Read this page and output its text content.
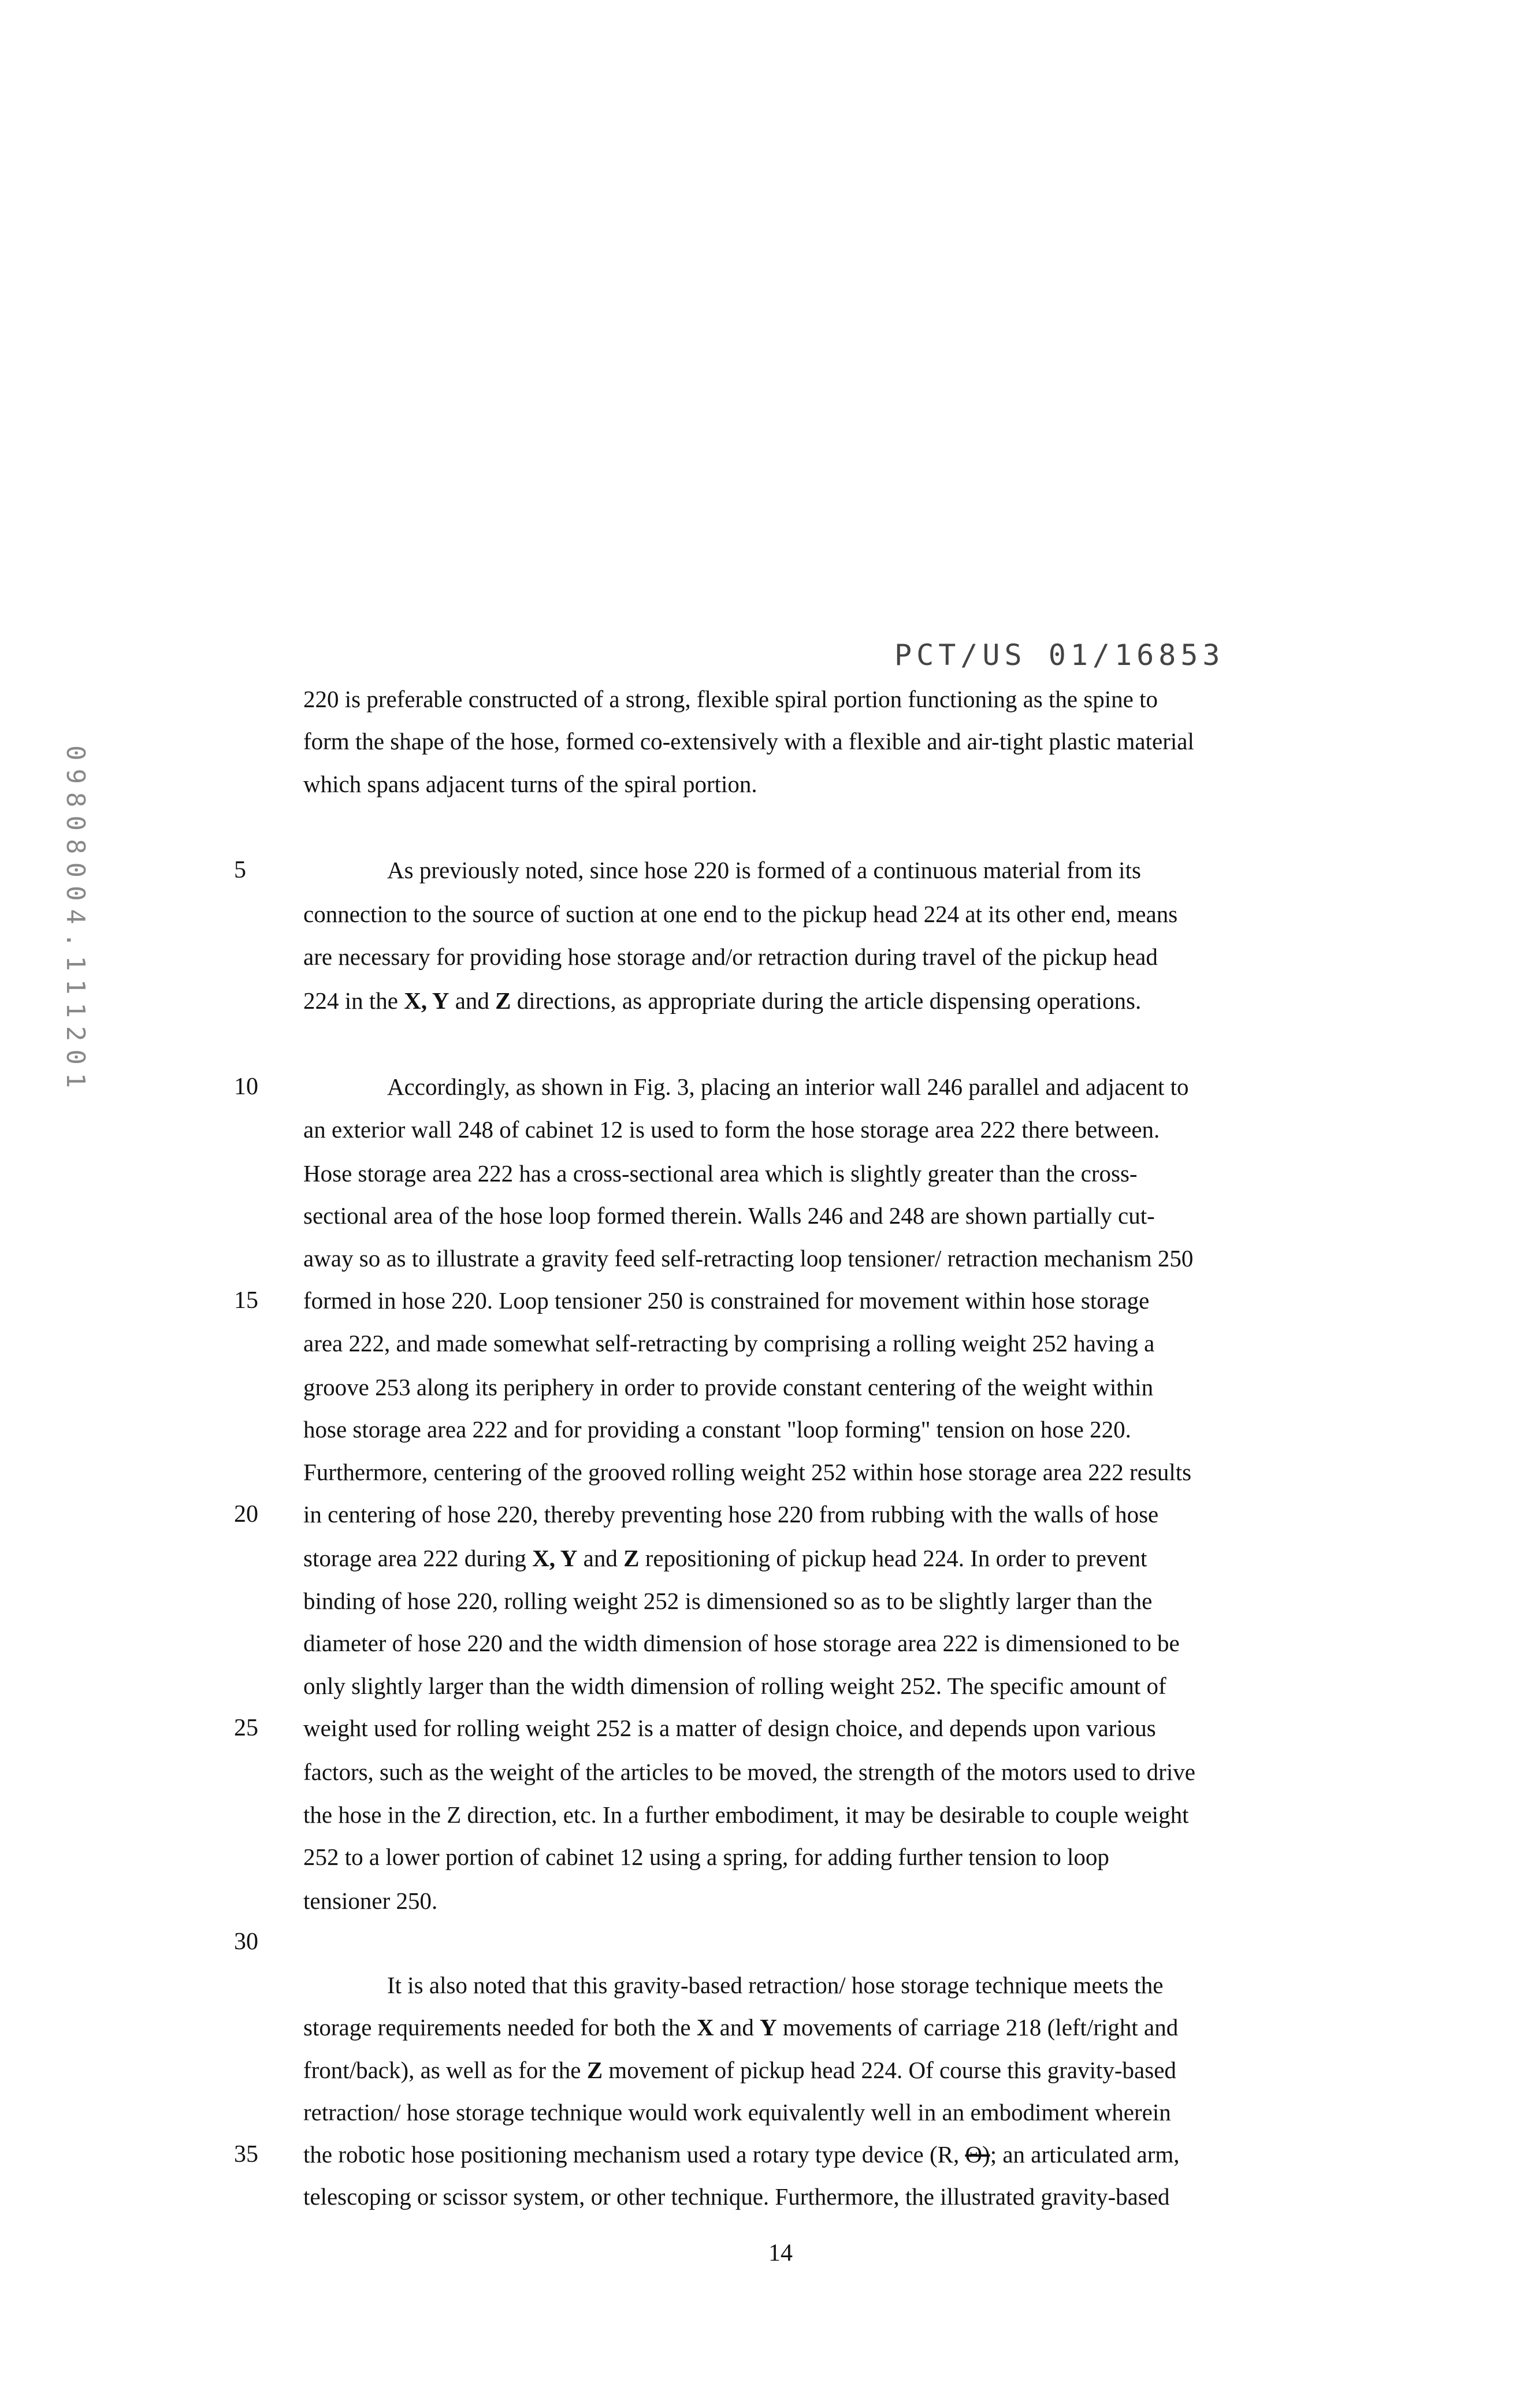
PCT/US 01/16853
09808004.111201
220 is preferable constructed of a strong, flexible spiral portion functioning as the spine to
form the shape of the hose, formed co-extensively with a flexible and air-tight plastic material
which spans adjacent turns of the spiral portion.
As previously noted, since hose 220 is formed of a continuous material from its
connection to the source of suction at one end to the pickup head 224 at its other end, means
are necessary for providing hose storage and/or retraction during travel of the pickup head
224 in the X, Y and Z directions, as appropriate during the article dispensing operations.
Accordingly, as shown in Fig. 3, placing an interior wall 246 parallel and adjacent to
an exterior wall 248 of cabinet 12 is used to form the hose storage area 222 there between.
Hose storage area 222 has a cross-sectional area which is slightly greater than the cross-
sectional area of the hose loop formed therein. Walls 246 and 248 are shown partially cut-
away so as to illustrate a gravity feed self-retracting loop tensioner/ retraction mechanism 250
formed in hose 220. Loop tensioner 250 is constrained for movement within hose storage
area 222, and made somewhat self-retracting by comprising a rolling weight 252 having a
groove 253 along its periphery in order to provide constant centering of the weight within
hose storage area 222 and for providing a constant "loop forming" tension on hose 220.
Furthermore, centering of the grooved rolling weight 252 within hose storage area 222 results
in centering of hose 220, thereby preventing hose 220 from rubbing with the walls of hose
storage area 222 during X, Y and Z repositioning of pickup head 224. In order to prevent
binding of hose 220, rolling weight 252 is dimensioned so as to be slightly larger than the
diameter of hose 220 and the width dimension of hose storage area 222 is dimensioned to be
only slightly larger than the width dimension of rolling weight 252. The specific amount of
weight used for rolling weight 252 is a matter of design choice, and depends upon various
factors, such as the weight of the articles to be moved, the strength of the motors used to drive
the hose in the Z direction, etc. In a further embodiment, it may be desirable to couple weight
252 to a lower portion of cabinet 12 using a spring, for adding further tension to loop
tensioner 250.
It is also noted that this gravity-based retraction/ hose storage technique meets the
storage requirements needed for both the X and Y movements of carriage 218 (left/right and
front/back), as well as for the Z movement of pickup head 224. Of course this gravity-based
retraction/ hose storage technique would work equivalently well in an embodiment wherein
the robotic hose positioning mechanism used a rotary type device (R, Θ); an articulated arm,
telescoping or scissor system, or other technique. Furthermore, the illustrated gravity-based
5
10
15
20
25
30
35
14
